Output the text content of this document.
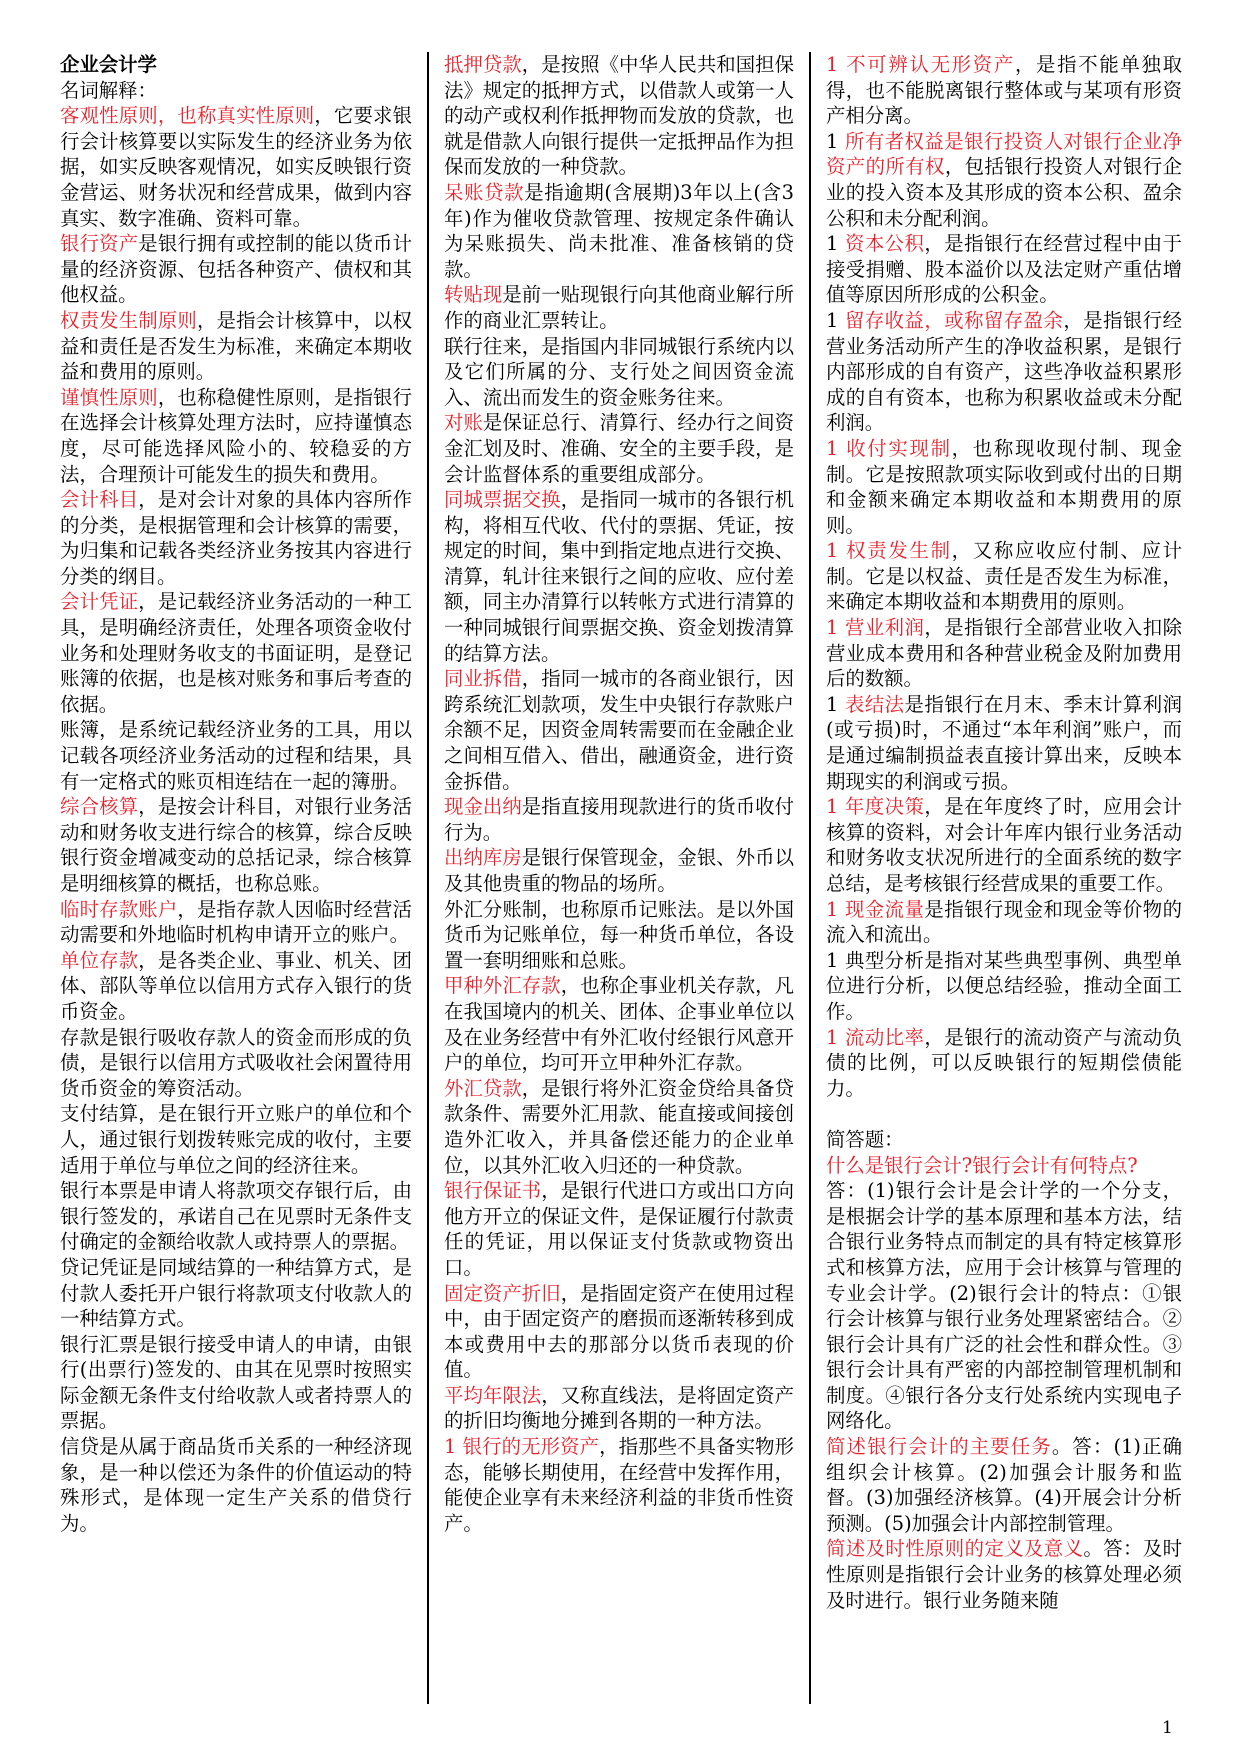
企业会计学
名词解释：
客观性原则，也称真实性原则，它要求银行会计核算要以实际发生的经济业务为依据，如实反映客观情况，如实反映银行资金营运、财务状况和经营成果，做到内容真实、数字准确、资料可靠。
银行资产是银行拥有或控制的能以货币计量的经济资源、包括各种资产、债权和其他权益。
权责发生制原则，是指会计核算中，以权益和责任是否发生为标准，来确定本期收益和费用的原则。
谨慎性原则，也称稳健性原则，是指银行在选择会计核算处理方法时，应持谨慎态度，尽可能选择风险小的、较稳妥的方法，合理预计可能发生的损失和费用。
会计科目，是对会计对象的具体内容所作的分类，是根据管理和会计核算的需要，为归集和记载各类经济业务按其内容进行分类的纲目。
会计凭证，是记载经济业务活动的一种工具，是明确经济责任，处理各项资金收付业务和处理财务收支的书面证明，是登记账簿的依据，也是核对账务和事后考查的依据。
账簿，是系统记载经济业务的工具，用以记载各项经济业务活动的过程和结果，具有一定格式的账页相连结在一起的簿册。
综合核算，是按会计科目，对银行业务活动和财务收支进行综合的核算，综合反映银行资金增减变动的总括记录，综合核算是明细核算的概括，也称总账。
临时存款账户，是指存款人因临时经营活动需要和外地临时机构申请开立的账户。
单位存款，是各类企业、事业、机关、团体、部队等单位以信用方式存入银行的货币资金。
存款是银行吸收存款人的资金而形成的负债，是银行以信用方式吸收社会闲置待用货币资金的筹资活动。
支付结算，是在银行开立账户的单位和个人，通过银行划拨转账完成的收付，主要适用于单位与单位之间的经济往来。
银行本票是申请人将款项交存银行后，由银行签发的，承诺自己在见票时无条件支付确定的金额给收款人或持票人的票据。
贷记凭证是同域结算的一种结算方式，是付款人委托开户银行将款项支付收款人的一种结算方式。
银行汇票是银行接受申请人的申请，由银行(出票行)签发的、由其在见票时按照实际金额无条件支付给收款人或者持票人的票据。
信贷是从属于商品货币关系的一种经济现象，是一种以偿还为条件的价值运动的特殊形式，是体现一定生产关系的借贷行为。
抵押贷款，是按照《中华人民共和国担保法》规定的抵押方式，以借款人或第一人的动产或权利作抵押物而发放的贷款，也就是借款人向银行提供一定抵押品作为担保而发放的一种贷款。
呆账贷款是指逾期(含展期)3年以上(含3年)作为催收贷款管理、按规定条件确认为呆账损失、尚未批准、准备核销的贷款。
转贴现是前一贴现银行向其他商业解行所作的商业汇票转让。
联行往来，是指国内非同城银行系统内以及它们所属的分、支行处之间因资金流入、流出而发生的资金账务往来。
对账是保证总行、清算行、经办行之间资金汇划及时、准确、安全的主要手段，是会计监督体系的重要组成部分。
同城票据交换，是指同一城市的各银行机构，将相互代收、代付的票据、凭证，按规定的时间，集中到指定地点进行交换、清算，轧计往来银行之间的应收、应付差额，同主办清算行以转帐方式进行清算的一种同城银行间票据交换、资金划拨清算的结算方法。
同业拆借，指同一城市的各商业银行，因跨系统汇划款项，发生中央银行存款账户余额不足，因资金周转需要而在金融企业之间相互借入、借出，融通资金，进行资金拆借。
现金出纳是指直接用现款进行的货币收付行为。
出纳库房是银行保管现金，金银、外币以及其他贵重的物品的场所。
外汇分账制，也称原币记账法。是以外国货币为记账单位，每一种货币单位，各设置一套明细账和总账。
甲种外汇存款，也称企事业机关存款，凡在我国境内的机关、团体、企事业单位以及在业务经营中有外汇收付经银行风意开户的单位，均可开立甲种外汇存款。
外汇贷款，是银行将外汇资金贷给具备贷款条件、需要外汇用款、能直接或间接创造外汇收入，并具备偿还能力的企业单位，以其外汇收入归还的一种贷款。
银行保证书，是银行代进口方或出口方向他方开立的保证文件，是保证履行付款责任的凭证，用以保证支付货款或物资出口。
固定资产折旧，是指固定资产在使用过程中，由于固定资产的磨损而逐渐转移到成本或费用中去的那部分以货币表现的价值。
平均年限法，又称直线法，是将固定资产的折旧均衡地分摊到各期的一种方法。
1 银行的无形资产，指那些不具备实物形态，能够长期使用，在经营中发挥作用，能使企业享有未来经济利益的非货币性资产。
1 不可辨认无形资产，是指不能单独取得，也不能脱离银行整体或与某项有形资产相分离。
1 所有者权益是银行投资人对银行企业净资产的所有权，包括银行投资人对银行企业的投入资本及其形成的资本公积、盈余公积和未分配利润。
1 资本公积，是指银行在经营过程中由于接受捐赠、股本溢价以及法定财产重估增值等原因所形成的公积金。
1 留存收益，或称留存盈余，是指银行经营业务活动所产生的净收益积累，是银行内部形成的自有资产，这些净收益积累形成的自有资本，也称为积累收益或未分配利润。
1 收付实现制，也称现收现付制、现金制。它是按照款项实际收到或付出的日期和金额来确定本期收益和本期费用的原则。
1 权责发生制，又称应收应付制、应计制。它是以权益、责任是否发生为标准，来确定本期收益和本期费用的原则。
1 营业利润，是指银行全部营业收入扣除营业成本费用和各种营业税金及附加费用后的数额。
1 表结法是指银行在月末、季末计算利润(或亏损)时，不通过“本年利润”账户，而是通过编制损益表直接计算出来，反映本期现实的利润或亏损。
1 年度决策，是在年度终了时，应用会计核算的资料，对会计年库内银行业务活动和财务收支状况所进行的全面系统的数字总结，是考核银行经营成果的重要工作。
1 现金流量是指银行现金和现金等价物的流入和流出。
1 典型分析是指对某些典型事例、典型单位进行分析，以便总结经验，推动全面工作。
1 流动比率，是银行的流动资产与流动负债的比例，可以反映银行的短期偿债能力。
简答题：
什么是银行会计?银行会计有何特点?
答：(1)银行会计是会计学的一个分支，是根据会计学的基本原理和基本方法，结合银行业务特点而制定的具有特定核算形式和核算方法，应用于会计核算与管理的专业会计学。(2)银行会计的特点：①银行会计核算与银行业务处理紧密结合。②银行会计具有广泛的社会性和群众性。③银行会计具有严密的内部控制管理机制和制度。④银行各分支行处系统内实现电子网络化。
简述银行会计的主要任务。答：(1)正确组织会计核算。(2)加强会计服务和监督。(3)加强经济核算。(4)开展会计分析预测。(5)加强会计内部控制管理。
简述及时性原则的定义及意义。答：及时性原则是指银行会计业务的核算处理必须及时进行。银行业务随来随
1
